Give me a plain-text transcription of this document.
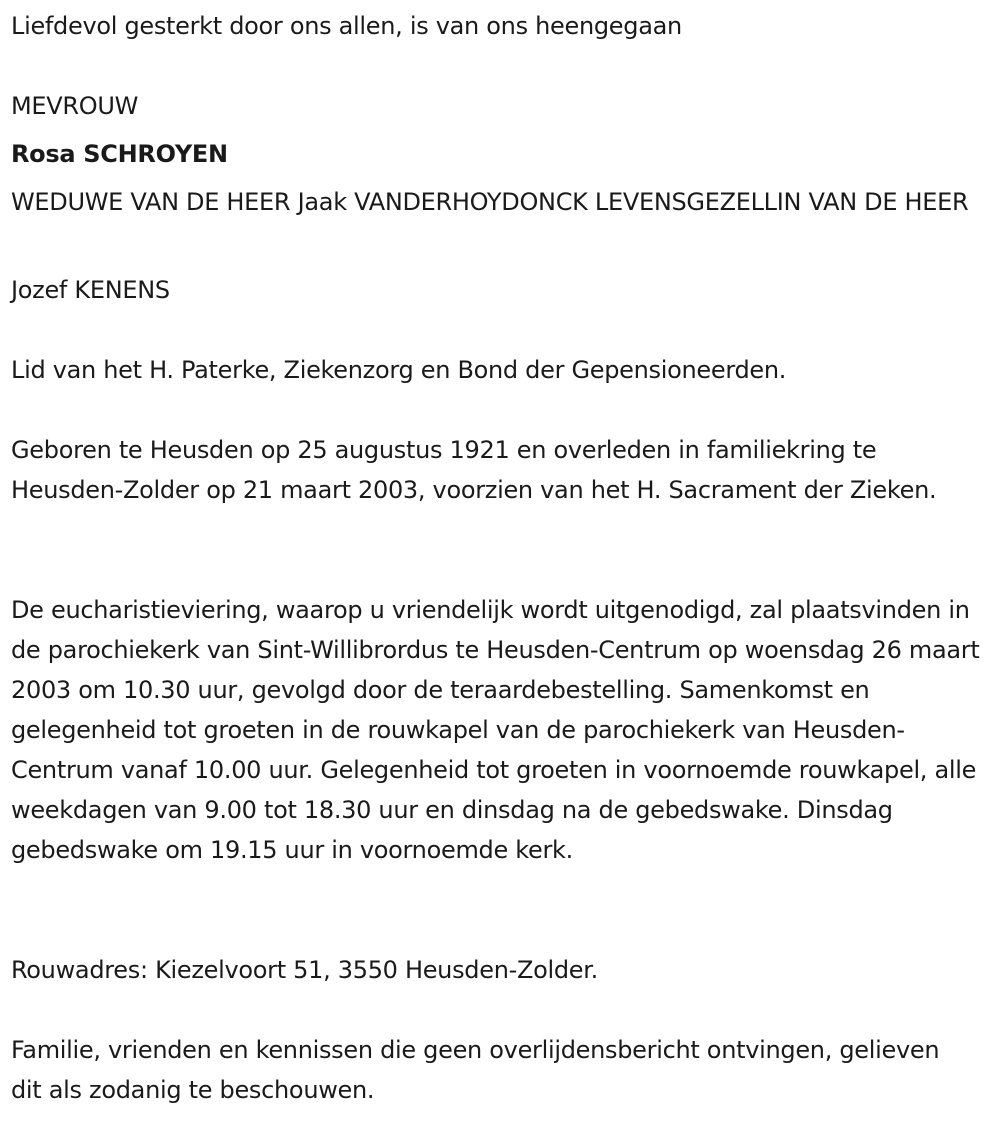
Liefdevol gesterkt door ons allen, is van ons heengegaan

MEVROUW

Rosa SCHROYEN

WEDUWE VAN DE HEER Jaak VANDERHOYDONCK LEVENSGEZELLIN VAN DE HEER

Jozef KENENS

Lid van het H. Paterke, Ziekenzorg en Bond der Gepensioneerden.

Geboren te Heusden op 25 augustus 1921 en overleden in familiekring te Heusden-Zolder op 21 maart 2003, voorzien van het H. Sacrament der Zieken.

De eucharistieviering, waarop u vriendelijk wordt uitgenodigd, zal plaatsvinden in de parochiekerk van Sint-Willibrordus te Heusden-Centrum op woensdag 26 maart 2003 om 10.30 uur, gevolgd door de teraardebestelling. Samenkomst en gelegenheid tot groeten in de rouwkapel van de parochiekerk van Heusden-Centrum vanaf 10.00 uur. Gelegenheid tot groeten in voornoemde rouwkapel, alle weekdagen van 9.00 tot 18.30 uur en dinsdag na de gebedswake. Dinsdag gebedswake om 19.15 uur in voornoemde kerk.

Rouwadres: Kiezelvoort 51, 3550 Heusden-Zolder.

Familie, vrienden en kennissen die geen overlijdensbericht ontvingen, gelieven dit als zodanig te beschouwen.
